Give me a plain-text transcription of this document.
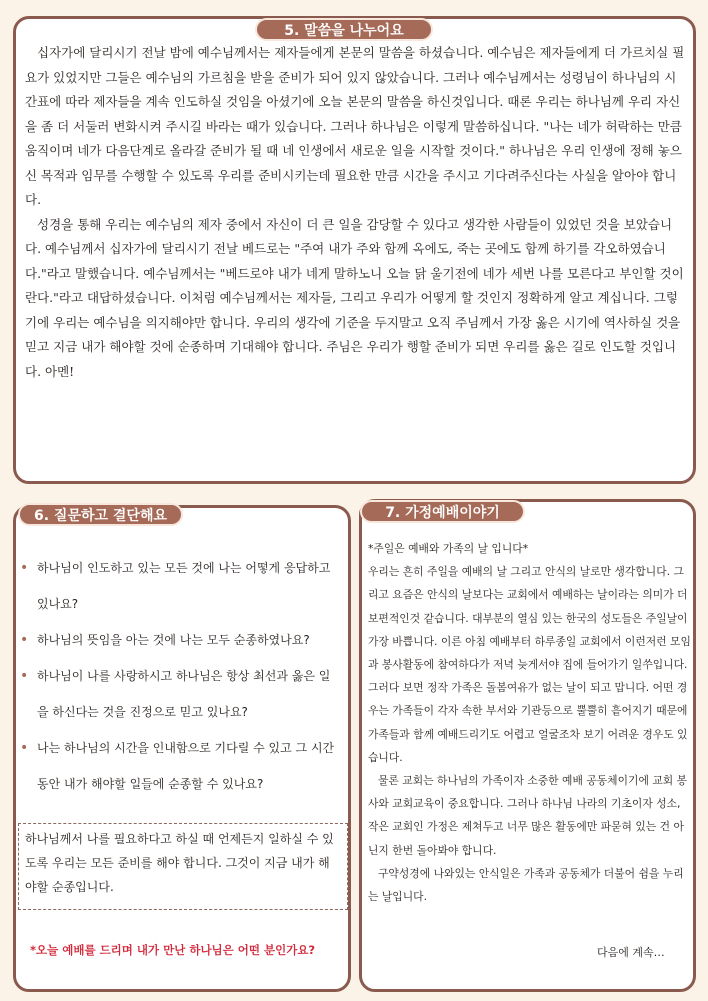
5. 말씀을 나누어요
6. 질문하고 결단해요	7. 가정예배이야기

십자가에 달리시기 전날 밤에 예수님께서는 제자들에게 본문의 말씀을 하셨습니다. 예수님은 제자들에게 더 가르치실 필요가 있었지만 그들은 예수님의 가르침을 받을 준비가 되어 있지 않았습니다. 그러나 예수님께서는 성령님이 하나님의 시간표에 따라 제자들을 계속 인도하실 것임을 아셨기에 오늘 본문의 말씀을 하신것입니다. 때론 우리는 하나님께 우리 자신을 좀 더 서둘러 변화시켜 주시길 바라는 때가 있습니다. 그러나 하나님은 이렇게 말씀하십니다. "나는 네가 허락하는 만큼 움직이며 네가 다음단계로 올라갈 준비가 될 때 네 인생에서 새로운 일을 시작할 것이다." 하나님은 우리 인생에 정해 놓으신 목적과 임무를 수행할 수 있도록 우리를 준비시키는데 필요한 만큼 시간을 주시고 기다려주신다는 사실을 알아야 합니다.

성경을 통해 우리는 예수님의 제자 중에서 자신이 더 큰 일을 감당할 수 있다고 생각한 사람들이 있었던 것을 보았습니다. 예수님께서 십자가에 달리시기 전날 베드로는 "주여 내가 주와 함께 옥에도, 죽는 곳에도 함께 하기를 각오하였습니다."라고 말했습니다. 예수님께서는 "베드로야 내가 네게 말하노니 오늘 닭 울기전에 네가 세번 나를 모른다고 부인할 것이란다."라고 대답하셨습니다. 이처럼 예수님께서는 제자들, 그리고 우리가 어떻게 할 것인지 정확하게 알고 계십니다. 그렇기에 우리는 예수님을 의지해야만 합니다. 우리의 생각에 기준을 두지말고 오직 주님께서 가장 옳은 시기에 역사하실 것을 믿고 지금 내가 해야할 것에 순종하며 기대해야 합니다. 주님은 우리가 행할 준비가 되면 우리를 옳은 길로 인도할 것입니다. 아멘!

• 하나님이 인도하고 있는 모든 것에 나는 어떻게 응답하고 있나요?
• 하나님의 뜻임을 아는 것에 나는 모두 순종하였나요?
• 하나님이 나를 사랑하시고 하나님은 항상 최선과 옳은 일을 하신다는 것을 진정으로 믿고 있나요?
• 나는 하나님의 시간을 인내함으로 기다릴 수 있고 그 시간동안 내가 해야할 일들에 순종할 수 있나요?
하나님께서 나를 필요하다고 하실 때 언제든지 일하실 수 있도록 우리는 모든 준비를 해야 합니다. 그것이 지금 내가 해야할 순종입니다.
*오늘 예배를 드리며 내가 만난 하나님은 어떤 분인가요?

*주일은 예배와 가족의 날 입니다*

우리는 흔히 주일을 예배의 날 그리고 안식의 날로만 생각합니다. 그리고 요즘은 안식의 날보다는 교회에서 예배하는 날이라는 의미가 더 보편적인것 같습니다. 대부분의 열심 있는 한국의 성도들은 주일날이 가장 바쁩니다. 이른 아침 예배부터 하루종일 교회에서 이런저런 모임과 봉사활동에 참여하다가 저녁 늦게서야 집에 들어가기 일쑤입니다. 그러다 보면 정작 가족은 돌봄여유가 없는 날이 되고 맙니다. 어떤 경우는 가족들이 각자 속한 부서와 기관등으로 뿔뿔히 흩어지기 때문에 가족들과 함께 예배드리기도 어렵고 얼굴조차 보기 어려운 경우도 있습니다.

물론 교회는 하나님의 가족이자 소중한 예배 공동체이기에 교회 봉사와 교회교육이 중요합니다. 그러나 하나님 나라의 기초이자 성소, 작은 교회인 가정은 제쳐두고 너무 많은 활동에만 파묻혀 있는 건 아닌지 한번 돌아봐야 합니다.

구약성경에 나와있는 안식일은 가족과 공동체가 더불어 쉼을 누리는 날입니다.

다음에 계속…
